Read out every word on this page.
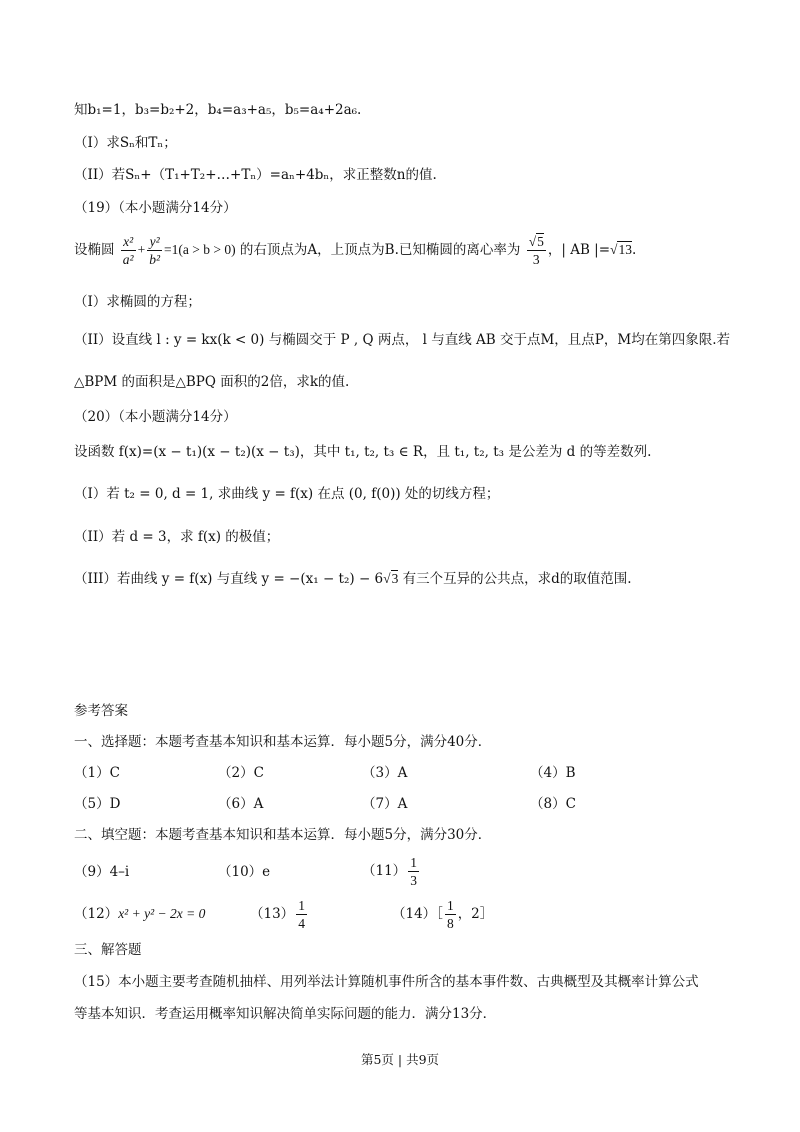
知b₁=1，b₃=b₂+2，b₄=a₃+a₅，b₅=a₄+2a₆.
（I）求Sₙ和Tₙ；
（II）若Sₙ+（T₁+T₂+…+Tₙ）=aₙ+4bₙ，求正整数n的值.
（19）（本小题满分14分）
设椭圆 $\frac{\text{x²}}{\text{a²}} + \frac{\text{y²}}{\text{b²}} =1(a > b > 0)$ 的右顶点为A，上顶点为B.已知椭圆的离心率为 $\frac{√5}{3}$ ，| AB |=√13.
（I）求椭圆的方程；
（II）设直线 l : y = kx(k < 0) 与椭圆交于 P , Q 两点， l 与直线 AB 交于点M，且点P，M均在第四象限.若
△BPM 的面积是△BPQ 面积的2倍，求k的值.
（20）（本小题满分14分）
设函数 f(x)=(x − t₁)(x − t₂)(x − t₃)，其中 t₁, t₂, t₃ ∈ R，且 t₁, t₂, t₃ 是公差为 d 的等差数列.
（I）若 t₂ = 0, d = 1, 求曲线 y = f(x) 在点 (0, f(0)) 处的切线方程；
（II）若 d = 3，求 f(x) 的极值；
（III）若曲线 y = f(x) 与直线 y = −(x₁ − t₂) − 6√3 有三个互异的公共点，求d的取值范围.
参考答案
一、选择题：本题考查基本知识和基本运算．每小题5分，满分40分．
（1）C	（2）C	（3）A	（4）B
（5）D	（6）A	（7）A	（8）C
二、填空题：本题考查基本知识和基本运算．每小题5分，满分30分．
（9）4–i	（10）e	$(11) \frac{1}{3}$
（12）x² + y² − 2x = 0	$(13) \frac{1}{4}$	（14）［ $\frac{1}{8}$ ，2］
三、解答题
（15）本小题主要考查随机抽样、用列举法计算随机事件所含的基本事件数、古典概型及其概率计算公式
等基本知识．考查运用概率知识解决简单实际问题的能力．满分13分．
第5页 | 共9页
